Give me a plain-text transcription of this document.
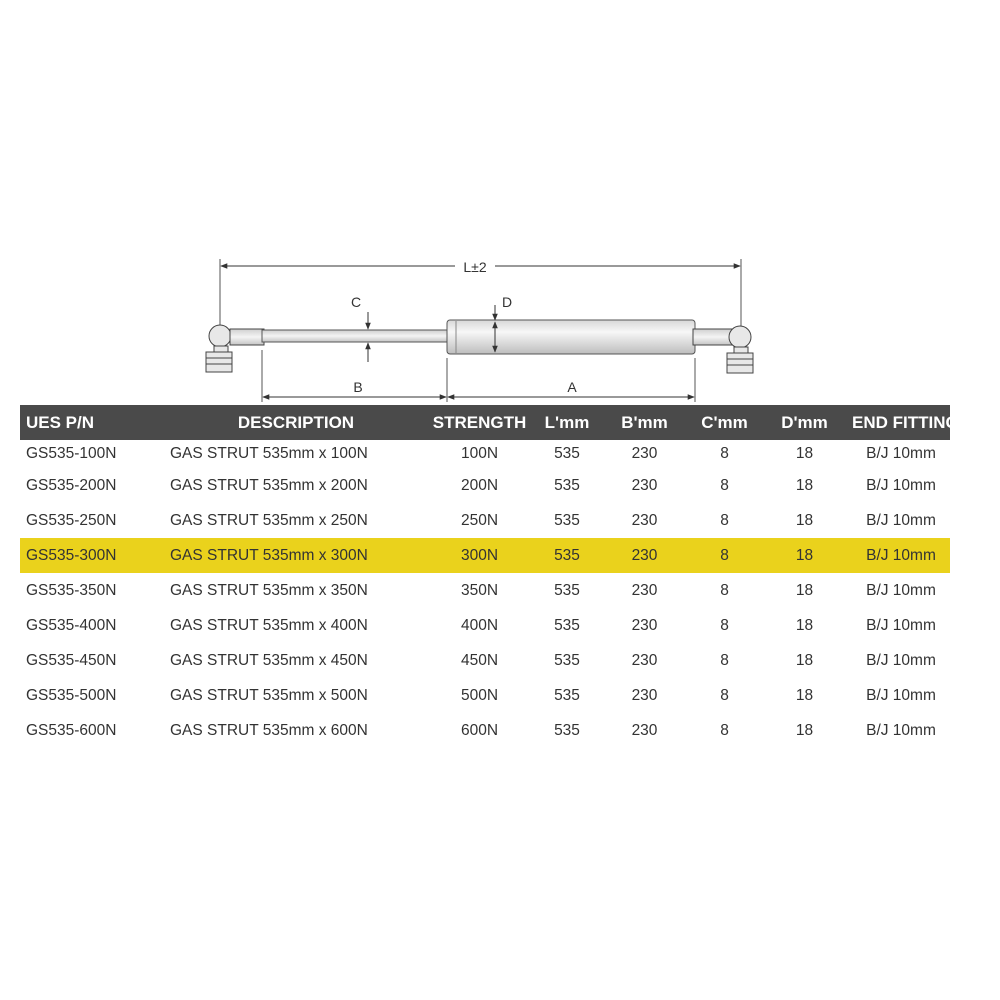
L±2
C	D
B	A
UES P/N	DESCRIPTION	STRENGTH	L'mm	B'mm	C'mm	D'mm	END FITTINGS
GS535-100N	GAS STRUT 535mm x 100N	100N	535	230	8	18	B/J 10mm
GS535-200N	GAS STRUT 535mm x 200N	200N	535	230	8	18	B/J 10mm
GS535-250N	GAS STRUT 535mm x 250N	250N	535	230	8	18	B/J 10mm
GS535-300N	GAS STRUT 535mm x 300N	300N	535	230	8	18	B/J 10mm
GS535-350N	GAS STRUT 535mm x 350N	350N	535	230	8	18	B/J 10mm
GS535-400N	GAS STRUT 535mm x 400N	400N	535	230	8	18	B/J 10mm
GS535-450N	GAS STRUT 535mm x 450N	450N	535	230	8	18	B/J 10mm
GS535-500N	GAS STRUT 535mm x 500N	500N	535	230	8	18	B/J 10mm
GS535-600N	GAS STRUT 535mm x 600N	600N	535	230	8	18	B/J 10mm
